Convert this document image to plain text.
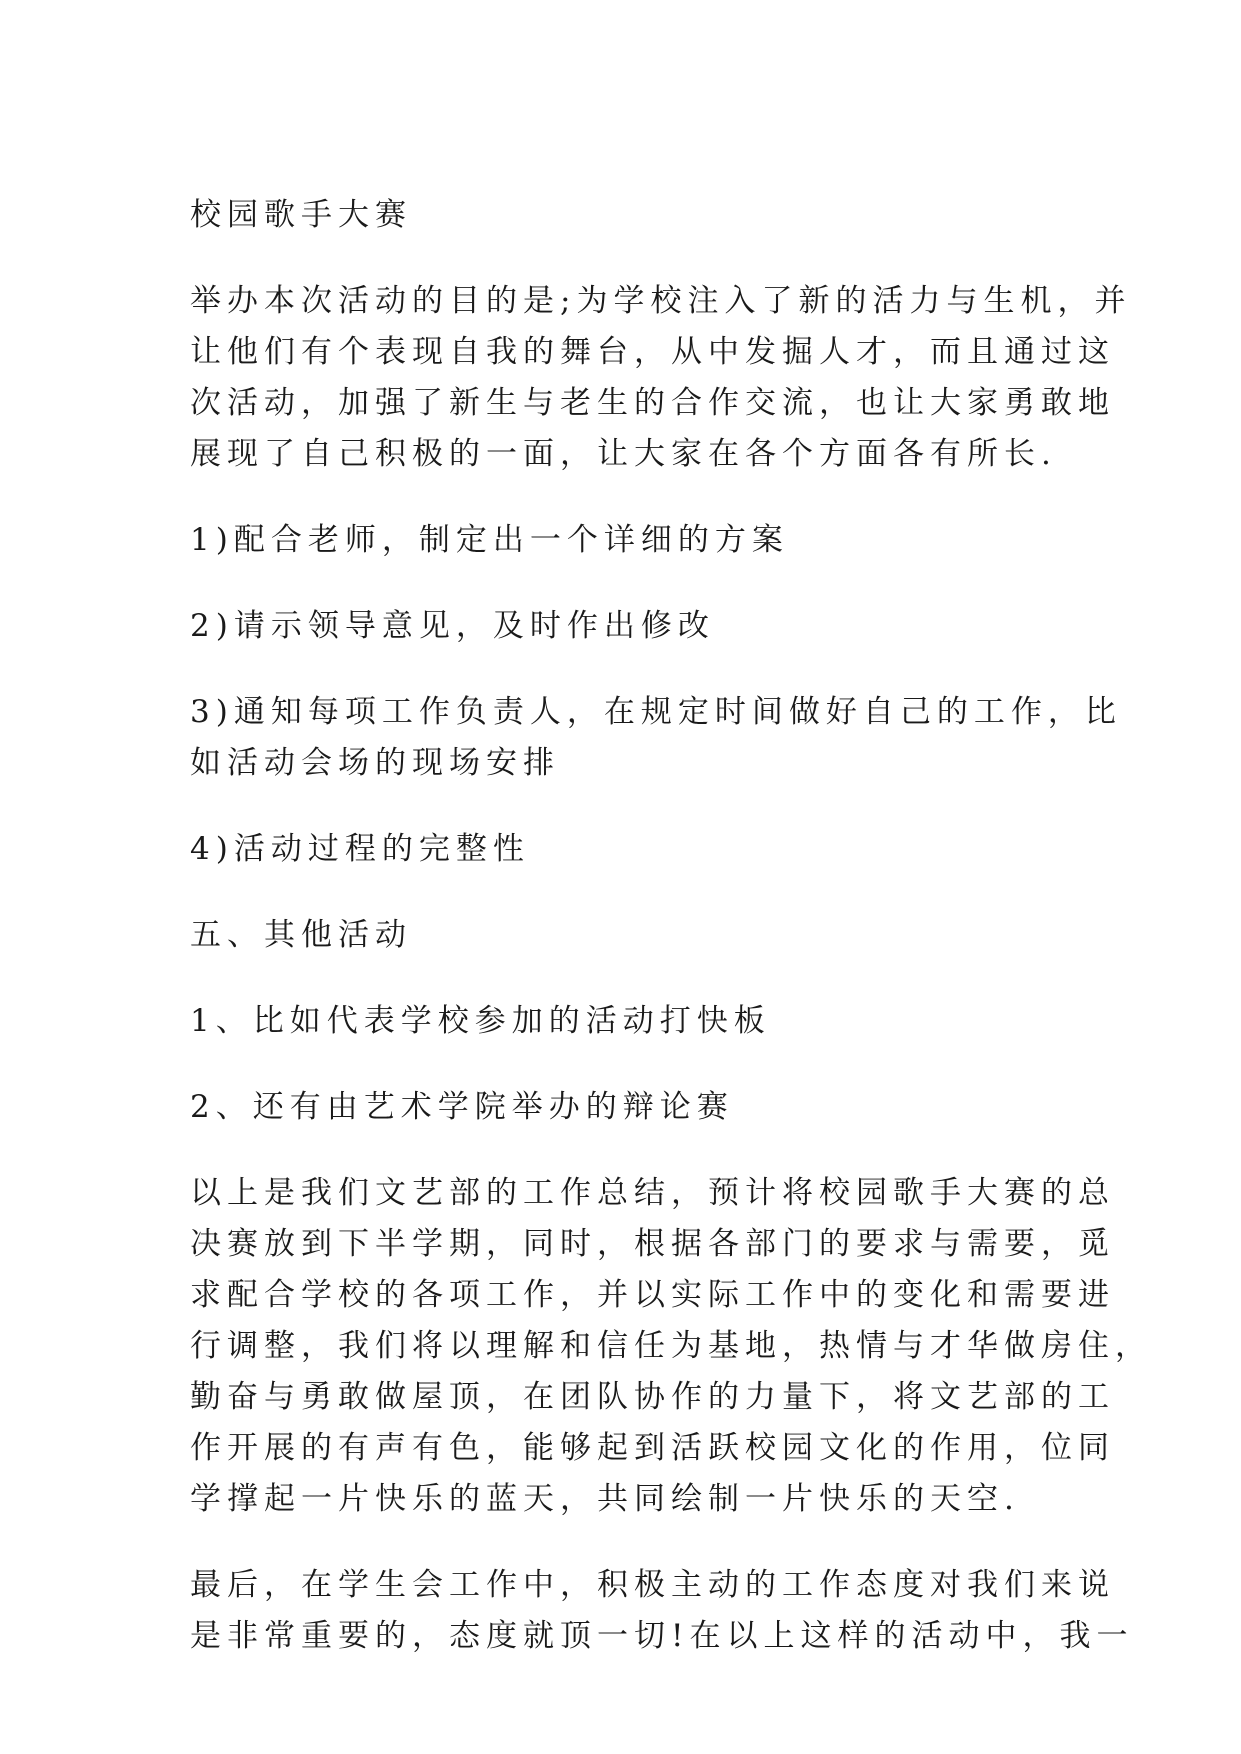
校园歌手大赛

举办本次活动的目的是;为学校注入了新的活力与生机，并
让他们有个表现自我的舞台，从中发掘人才，而且通过这
次活动，加强了新生与老生的合作交流，也让大家勇敢地
展现了自己积极的一面，让大家在各个方面各有所长.

1)配合老师，制定出一个详细的方案

2)请示领导意见，及时作出修改

3)通知每项工作负责人，在规定时间做好自己的工作，比
如活动会场的现场安排

4)活动过程的完整性

五、其他活动

1、比如代表学校参加的活动打快板

2、还有由艺术学院举办的辩论赛

以上是我们文艺部的工作总结，预计将校园歌手大赛的总
决赛放到下半学期，同时，根据各部门的要求与需要，觅
求配合学校的各项工作，并以实际工作中的变化和需要进
行调整，我们将以理解和信任为基地，热情与才华做房住，
勤奋与勇敢做屋顶，在团队协作的力量下，将文艺部的工
作开展的有声有色，能够起到活跃校园文化的作用，位同
学撑起一片快乐的蓝天，共同绘制一片快乐的天空.

最后，在学生会工作中，积极主动的工作态度对我们来说
是非常重要的，态度就顶一切!在以上这样的活动中，我一
